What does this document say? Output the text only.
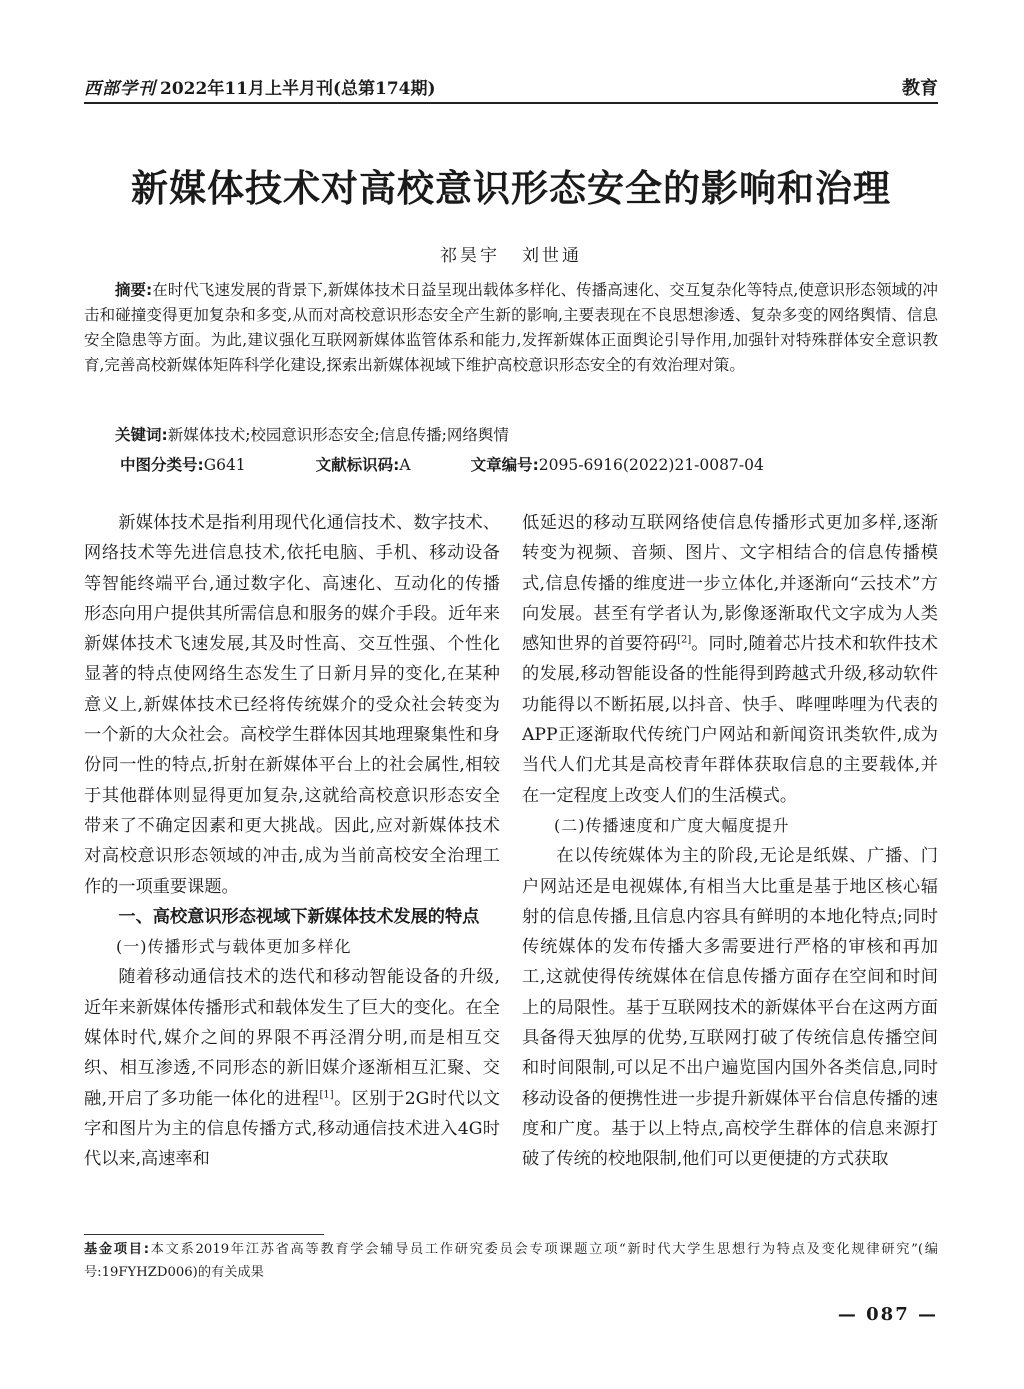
西部学刊 2022年11月上半月刊(总第174期)	教育
新媒体技术对高校意识形态安全的影响和治理
祁昊宇 刘世通
摘要:在时代飞速发展的背景下,新媒体技术日益呈现出载体多样化、传播高速化、交互复杂化等特点,使意识形态领域的冲击和碰撞变得更加复杂和多变,从而对高校意识形态安全产生新的影响,主要表现在不良思想渗透、复杂多变的网络舆情、信息安全隐患等方面。为此,建议强化互联网新媒体监管体系和能力,发挥新媒体正面舆论引导作用,加强针对特殊群体安全意识教育,完善高校新媒体矩阵科学化建设,探索出新媒体视域下维护高校意识形态安全的有效治理对策。
关键词:新媒体技术;校园意识形态安全;信息传播;网络舆情
中图分类号:G641	文献标识码:A	文章编号:2095-6916(2022)21-0087-04

新媒体技术是指利用现代化通信技术、数字技术、网络技术等先进信息技术,依托电脑、手机、移动设备等智能终端平台,通过数字化、高速化、互动化的传播形态向用户提供其所需信息和服务的媒介手段。近年来新媒体技术飞速发展,其及时性高、交互性强、个性化显著的特点使网络生态发生了日新月异的变化,在某种意义上,新媒体技术已经将传统媒介的受众社会转变为一个新的大众社会。高校学生群体因其地理聚集性和身份同一性的特点,折射在新媒体平台上的社会属性,相较于其他群体则显得更加复杂,这就给高校意识形态安全带来了不确定因素和更大挑战。因此,应对新媒体技术对高校意识形态领域的冲击,成为当前高校安全治理工作的一项重要课题。

一、高校意识形态视域下新媒体技术发展的特点
(一)传播形式与载体更加多样化

随着移动通信技术的迭代和移动智能设备的升级,近年来新媒体传播形式和载体发生了巨大的变化。在全媒体时代,媒介之间的界限不再泾渭分明,而是相互交织、相互渗透,不同形态的新旧媒介逐渐相互汇聚、交融,开启了多功能一体化的进程[1]。区别于2G时代以文字和图片为主的信息传播方式,移动通信技术进入4G时代以来,高速率和

低延迟的移动互联网络使信息传播形式更加多样,逐渐转变为视频、音频、图片、文字相结合的信息传播模式,信息传播的维度进一步立体化,并逐渐向“云技术”方向发展。甚至有学者认为,影像逐渐取代文字成为人类感知世界的首要符码[2]。同时,随着芯片技术和软件技术的发展,移动智能设备的性能得到跨越式升级,移动软件功能得以不断拓展,以抖音、快手、哔哩哔哩为代表的APP正逐渐取代传统门户网站和新闻资讯类软件,成为当代人们尤其是高校青年群体获取信息的主要载体,并在一定程度上改变人们的生活模式。

(二)传播速度和广度大幅度提升

在以传统媒体为主的阶段,无论是纸媒、广播、门户网站还是电视媒体,有相当大比重是基于地区核心辐射的信息传播,且信息内容具有鲜明的本地化特点;同时传统媒体的发布传播大多需要进行严格的审核和再加工,这就使得传统媒体在信息传播方面存在空间和时间上的局限性。基于互联网技术的新媒体平台在这两方面具备得天独厚的优势,互联网打破了传统信息传播空间和时间限制,可以足不出户遍览国内国外各类信息,同时移动设备的便携性进一步提升新媒体平台信息传播的速度和广度。基于以上特点,高校学生群体的信息来源打破了传统的校地限制,他们可以更便捷的方式获取

基金项目:本文系2019年江苏省高等教育学会辅导员工作研究委员会专项课题立项“新时代大学生思想行为特点及变化规律研究”(编号:19FYHZD006)的有关成果
— 087 —
